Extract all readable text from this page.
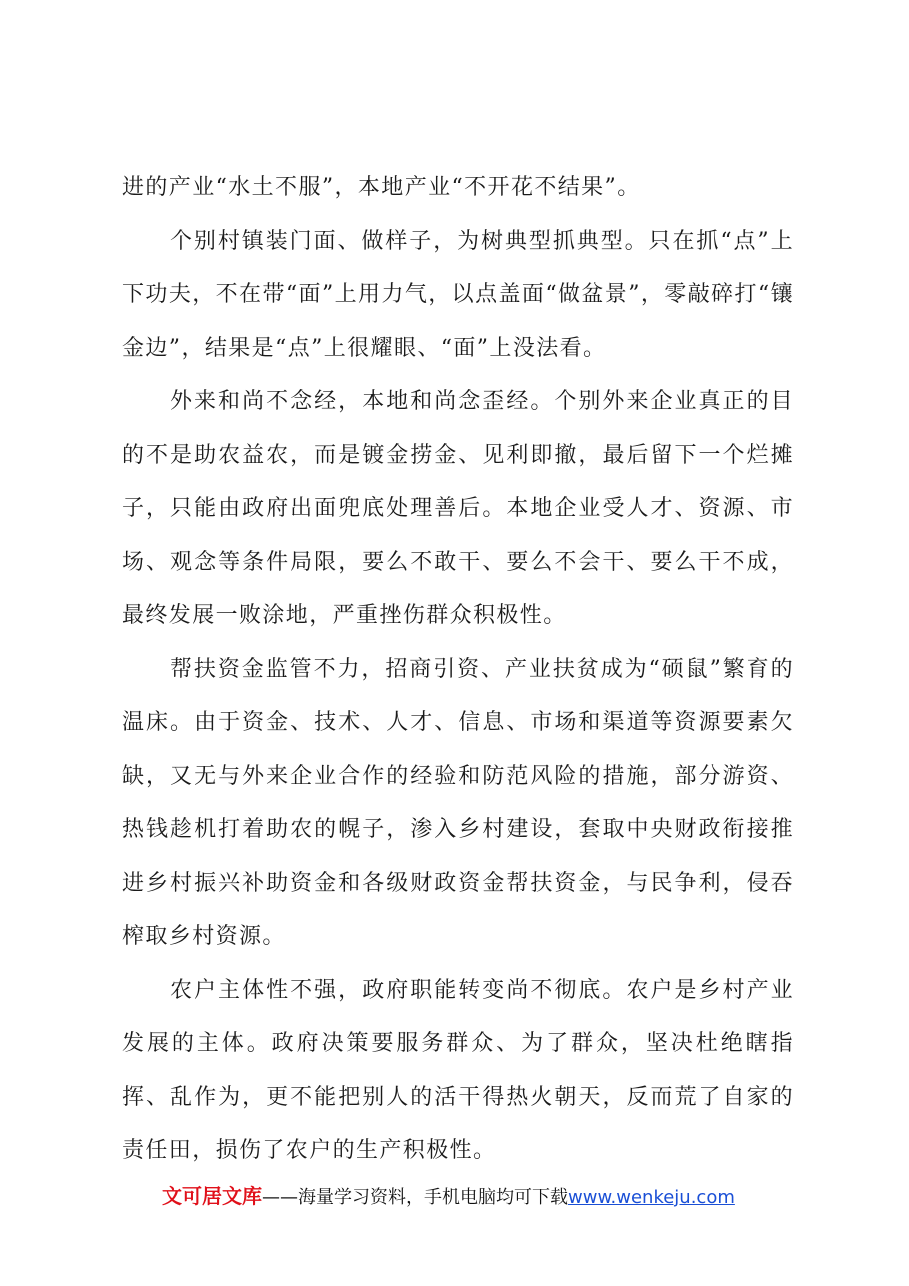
进的产业“水土不服”，本地产业“不开花不结果”。

个别村镇装门面、做样子，为树典型抓典型。只在抓“点”上下功夫，不在带“面”上用力气，以点盖面“做盆景”，零敲碎打“镶金边”，结果是“点”上很耀眼、“面”上没法看。

外来和尚不念经，本地和尚念歪经。个别外来企业真正的目的不是助农益农，而是镀金捞金、见利即撤，最后留下一个烂摊子，只能由政府出面兜底处理善后。本地企业受人才、资源、市场、观念等条件局限，要么不敢干、要么不会干、要么干不成，最终发展一败涂地，严重挫伤群众积极性。

帮扶资金监管不力，招商引资、产业扶贫成为“硕鼠”繁育的温床。由于资金、技术、人才、信息、市场和渠道等资源要素欠缺，又无与外来企业合作的经验和防范风险的措施，部分游资、热钱趁机打着助农的幌子，渗入乡村建设，套取中央财政衔接推进乡村振兴补助资金和各级财政资金帮扶资金，与民争利，侵吞榨取乡村资源。

农户主体性不强，政府职能转变尚不彻底。农户是乡村产业发展的主体。政府决策要服务群众、为了群众，坚决杜绝瞎指挥、乱作为，更不能把别人的活干得热火朝天，反而荒了自家的责任田，损伤了农户的生产积极性。

文可居文库——海量学习资料，手机电脑均可下载www.wenkeju.com
